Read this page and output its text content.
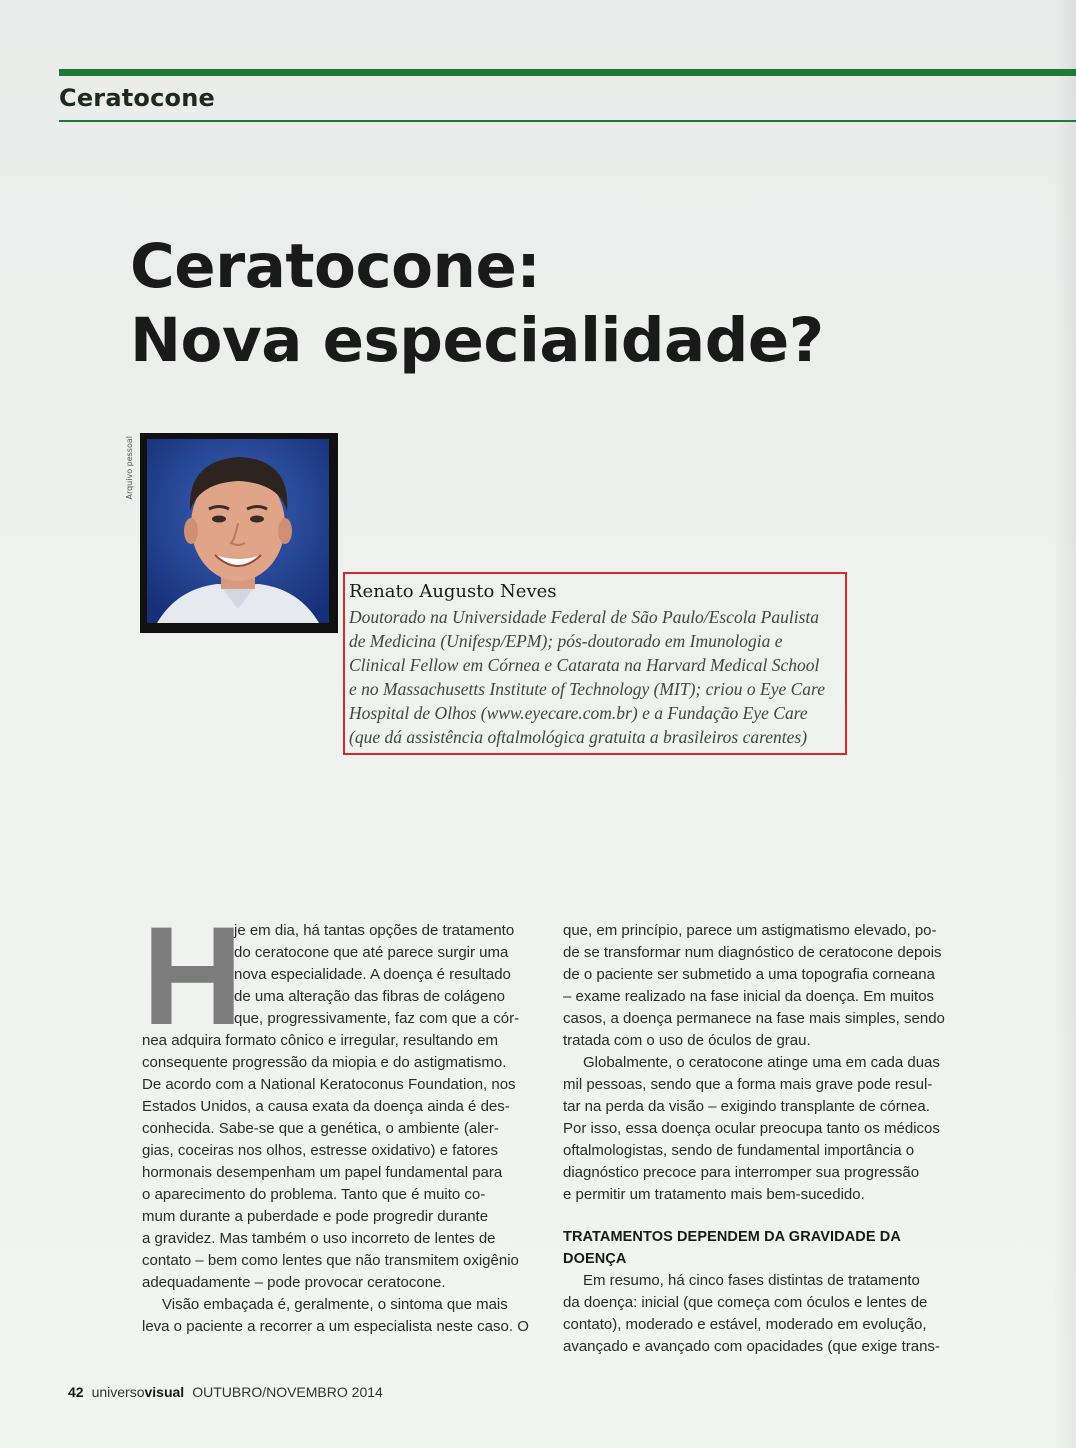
Ceratocone
Ceratocone:
Nova especialidade?
Arquivo pessoal
Renato Augusto Neves
Doutorado na Universidade Federal de São Paulo/Escola Paulista
de Medicina (Unifesp/EPM); pós-doutorado em Imunologia e
Clinical Fellow em Córnea e Catarata na Harvard Medical School
e no Massachusetts Institute of Technology (MIT); criou o Eye Care
Hospital de Olhos (www.eyecare.com.br) e a Fundação Eye Care
(que dá assistência oftalmológica gratuita a brasileiros carentes)
H
je em dia, há tantas opções de tratamento
do ceratocone que até parece surgir uma
nova especialidade. A doença é resultado
de uma alteração das fibras de colágeno
que, progressivamente, faz com que a cór-
nea adquira formato cônico e irregular, resultando em
consequente progressão da miopia e do astigmatismo.
De acordo com a National Keratoconus Foundation, nos
Estados Unidos, a causa exata da doença ainda é des-
conhecida. Sabe-se que a genética, o ambiente (aler-
gias, coceiras nos olhos, estresse oxidativo) e fatores
hormonais desempenham um papel fundamental para
o aparecimento do problema. Tanto que é muito co-
mum durante a puberdade e pode progredir durante
a gravidez. Mas também o uso incorreto de lentes de
contato – bem como lentes que não transmitem oxigênio
adequadamente – pode provocar ceratocone.
Visão embaçada é, geralmente, o sintoma que mais
leva o paciente a recorrer a um especialista neste caso. O
que, em princípio, parece um astigmatismo elevado, po-
de se transformar num diagnóstico de ceratocone depois
de o paciente ser submetido a uma topografia corneana
– exame realizado na fase inicial da doença. Em muitos
casos, a doença permanece na fase mais simples, sendo
tratada com o uso de óculos de grau.
Globalmente, o ceratocone atinge uma em cada duas
mil pessoas, sendo que a forma mais grave pode resul-
tar na perda da visão – exigindo transplante de córnea.
Por isso, essa doença ocular preocupa tanto os médicos
oftalmologistas, sendo de fundamental importância o
diagnóstico precoce para interromper sua progressão
e permitir um tratamento mais bem-sucedido.
TRATAMENTOS DEPENDEM DA GRAVIDADE DA DOENÇA
Em resumo, há cinco fases distintas de tratamento
da doença: inicial (que começa com óculos e lentes de
contato), moderado e estável, moderado em evolução,
avançado e avançado com opacidades (que exige trans-
42 universovisual OUTUBRO/NOVEMBRO 2014
